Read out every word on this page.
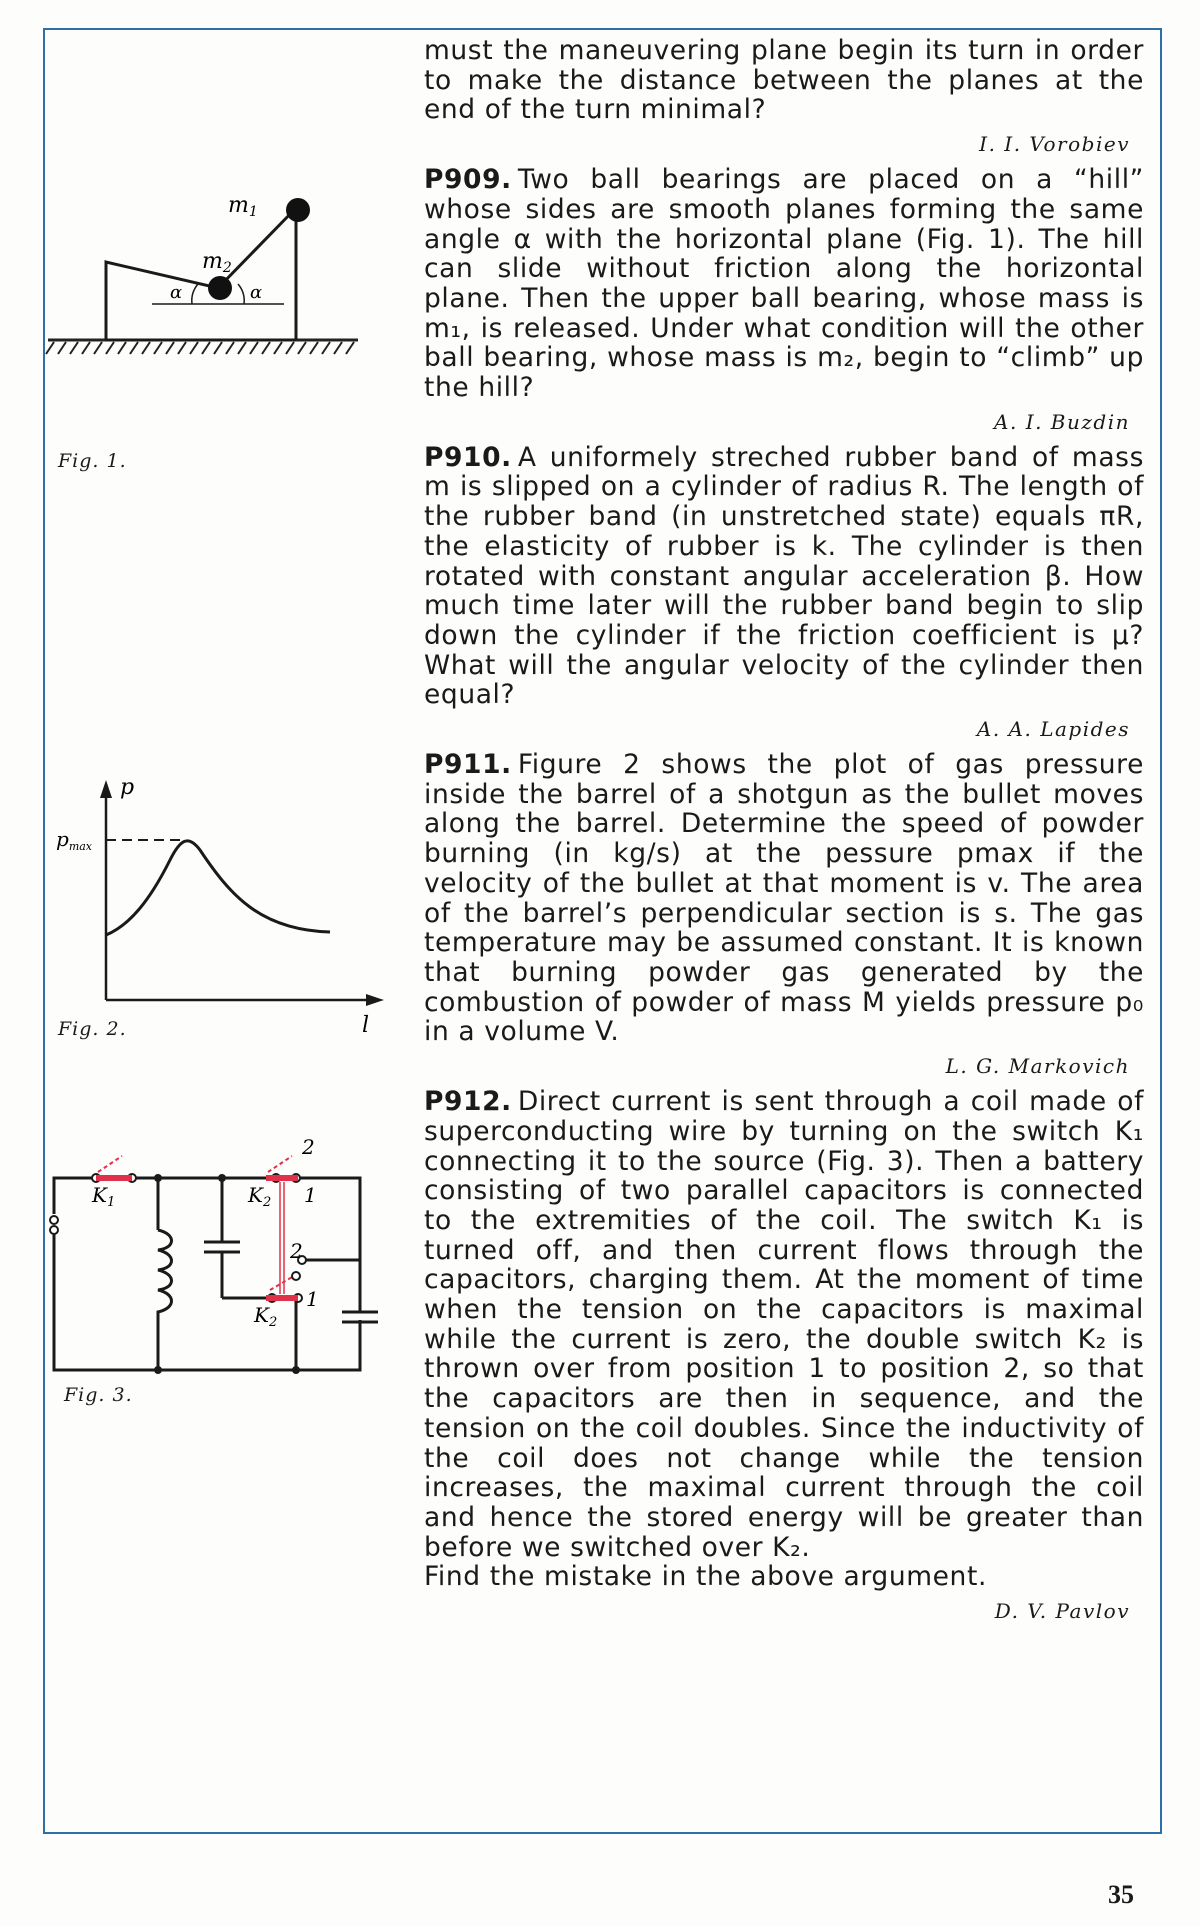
α	α
m2
m1
Fig. 1.
p
l
$p_{max}$
Fig. 2.
$K_1$	$K_2$
$K_2$
2
1
2
1
Fig. 3.

must the maneuvering plane begin its turn in order to make the distance between the planes at the end of the turn minimal?

I. I. Vorobiev

P909. Two ball bearings are placed on a “hill” whose sides are smooth planes forming the same angle α with the horizontal plane (Fig. 1). The hill can slide without friction along the horizontal plane. Then the upper ball bearing, whose mass is m₁, is released. Under what condition will the other ball bearing, whose mass is m₂, begin to “climb” up the hill?

A. I. Buzdin

P910. A uniformely streched rubber band of mass m is slipped on a cylinder of radius R. The length of the rubber band (in unstretched state) equals πR, the elasticity of rubber is k. The cylinder is then rotated with constant angular acceleration β. How much time later will the rubber band begin to slip down the cylinder if the friction coefficient is μ? What will the angular velocity of the cylinder then equal?

A. A. Lapides

P911. Figure 2 shows the plot of gas pressure inside the barrel of a shotgun as the bullet moves along the barrel. Determine the speed of powder burning (in kg/s) at the pessure pmax if the velocity of the bullet at that moment is v. The area of the barrel’s perpendicular section is s. The gas temperature may be assumed constant. It is known that burning powder gas generated by the combustion of powder of mass M yields pressure p₀ in a volume V.

L. G. Markovich

P912. Direct current is sent through a coil made of superconducting wire by turning on the switch K₁ connecting it to the source (Fig. 3). Then a battery consisting of two parallel capacitors is connected to the extremities of the coil. The switch K₁ is turned off, and then current flows through the capacitors, charging them. At the moment of time when the tension on the capacitors is maximal while the current is zero, the double switch K₂ is thrown over from position 1 to position 2, so that the capacitors are then in sequence, and the tension on the coil doubles. Since the inductivity of the coil does not change while the tension increases, the maximal current through the coil and hence the stored energy will be greater than before we switched over K₂.

Find the mistake in the above argument.

D. V. Pavlov
35
